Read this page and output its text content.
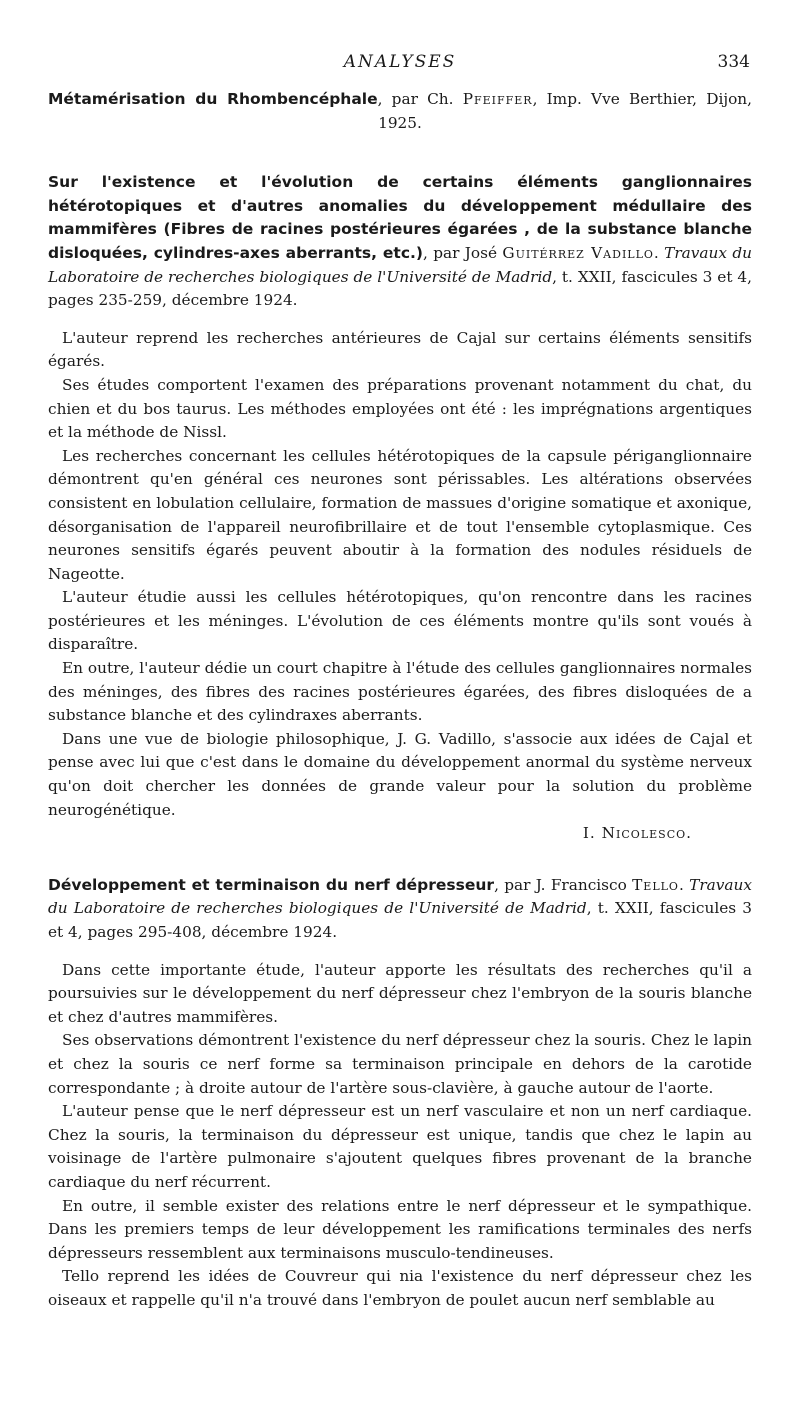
ANALYSES	334

Métamérisation du Rhombencéphale, par Ch. Pfeiffer, Imp. Vve Berthier, Dijon, 1925.

Sur l'existence et l'évolution de certains éléments ganglionnaires hétérotopiques et d'autres anomalies du développement médullaire des mammifères (Fibres de racines postérieures égarées , de la substance blanche disloquées, cylindres-axes aberrants, etc.), par José Guitérrez Vadillo. Travaux du Laboratoire de recherches biologiques de l'Université de Madrid, t. XXII, fascicules 3 et 4, pages 235-259, décembre 1924.

L'auteur reprend les recherches antérieures de Cajal sur certains éléments sensitifs égarés.

Ses études comportent l'examen des préparations provenant notamment du chat, du chien et du bos taurus. Les méthodes employées ont été : les imprégnations argentiques et la méthode de Nissl.

Les recherches concernant les cellules hétérotopiques de la capsule périganglionnaire démontrent qu'en général ces neurones sont périssables. Les altérations observées consistent en lobulation cellulaire, formation de massues d'origine somatique et axonique, désorganisation de l'appareil neurofibrillaire et de tout l'ensemble cytoplasmique. Ces neurones sensitifs égarés peuvent aboutir à la formation des nodules résiduels de Nageotte.

L'auteur étudie aussi les cellules hétérotopiques, qu'on rencontre dans les racines postérieures et les méninges. L'évolution de ces éléments montre qu'ils sont voués à disparaître.

En outre, l'auteur dédie un court chapitre à l'étude des cellules ganglionnaires normales des méninges, des fibres des racines postérieures égarées, des fibres disloquées de a substance blanche et des cylindraxes aberrants.

Dans une vue de biologie philosophique, J. G. Vadillo, s'associe aux idées de Cajal et pense avec lui que c'est dans le domaine du développement anormal du système nerveux qu'on doit chercher les données de grande valeur pour la solution du problème neurogénétique.

I. Nicolesco.

Développement et terminaison du nerf dépresseur, par J. Francisco Tello. Travaux du Laboratoire de recherches biologiques de l'Université de Madrid, t. XXII, fascicules 3 et 4, pages 295-408, décembre 1924.

Dans cette importante étude, l'auteur apporte les résultats des recherches qu'il a poursuivies sur le développement du nerf dépresseur chez l'embryon de la souris blanche et chez d'autres mammifères.

Ses observations démontrent l'existence du nerf dépresseur chez la souris. Chez le lapin et chez la souris ce nerf forme sa terminaison principale en dehors de la carotide correspondante ; à droite autour de l'artère sous-clavière, à gauche autour de l'aorte.

L'auteur pense que le nerf dépresseur est un nerf vasculaire et non un nerf cardiaque. Chez la souris, la terminaison du dépresseur est unique, tandis que chez le lapin au voisinage de l'artère pulmonaire s'ajoutent quelques fibres provenant de la branche cardiaque du nerf récurrent.

En outre, il semble exister des relations entre le nerf dépresseur et le sympathique. Dans les premiers temps de leur développement les ramifications terminales des nerfs dépresseurs ressemblent aux terminaisons musculo-tendineuses.

Tello reprend les idées de Couvreur qui nia l'existence du nerf dépresseur chez les oiseaux et rappelle qu'il n'a trouvé dans l'embryon de poulet aucun nerf semblable au
